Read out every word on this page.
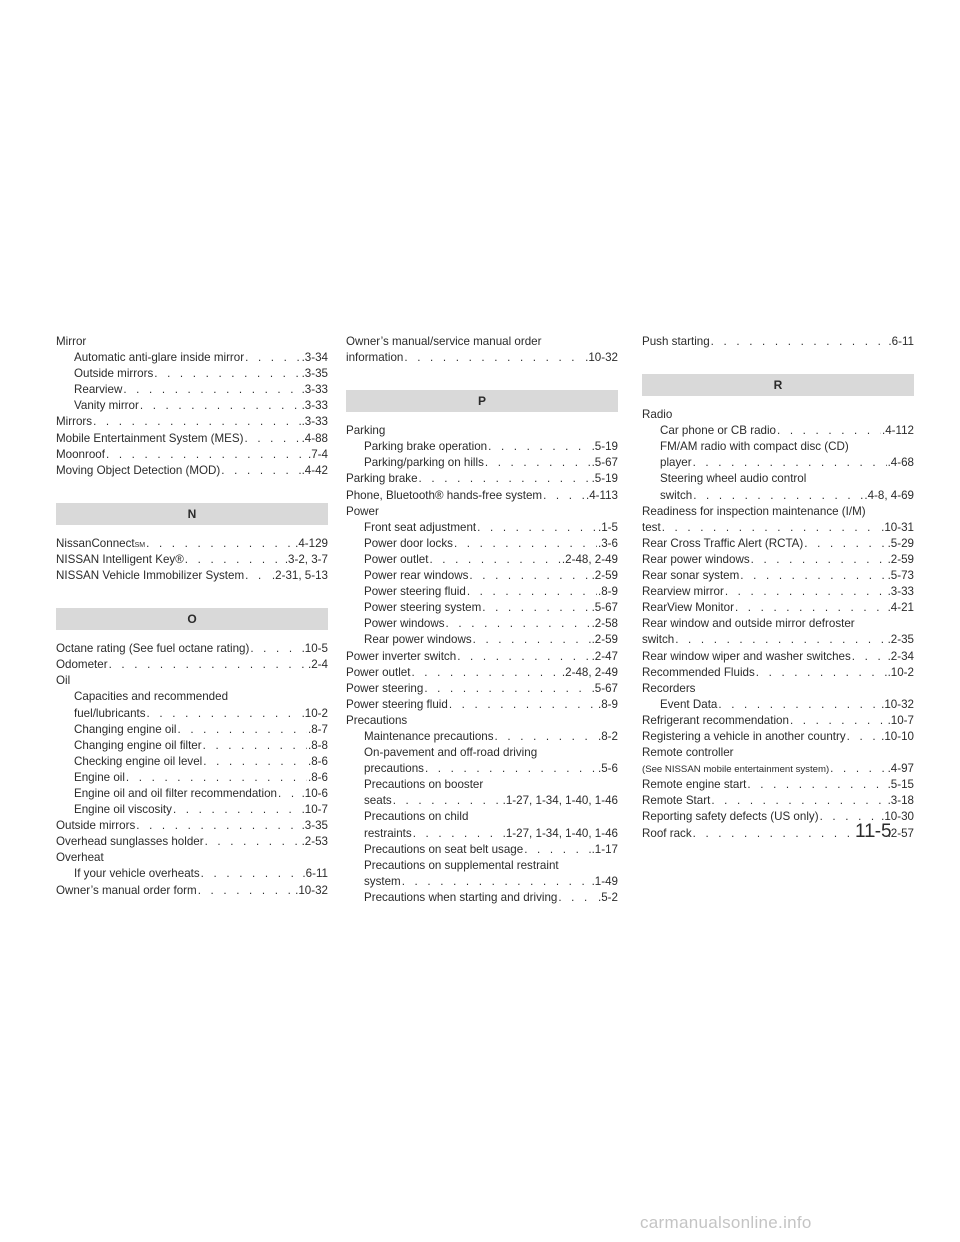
Mirror
Automatic anti-glare inside mirror . . .	.3-34
Outside mirrors . . .	.3-35
Rearview . . .	.3-33
Vanity mirror . . .	.3-33
Mirrors . . .	.3-33
Mobile Entertainment System (MES) . . .	.4-88
Moonroof . . .	.7-4
Moving Object Detection (MOD) . . .	.4-42
N
NissanConnect SM . . .	.4-129
NISSAN Intelligent Key® . . .	.3-2, 3-7
NISSAN Vehicle Immobilizer System . . . .2-31, 5-13
O
Octane rating (See fuel octane rating) . . .	.10-5
Odometer . . .	.2-4
Oil
Capacities and recommended
fuel/lubricants . . .	.10-2
Changing engine oil . . .	.8-7
Changing engine oil filter . . .	.8-8
Checking engine oil level . . .	.8-6
Engine oil . . .	.8-6
Engine oil and oil filter recommendation . . . .10-6
Engine oil viscosity . . .	.10-7
Outside mirrors . . .	.3-35
Overhead sunglasses holder . . .	.2-53
Overheat
If your vehicle overheats . . .	.6-11
Owner’s manual order form . . .	.10-32
Owner’s manual/service manual order
information . . .	.10-32
P
Parking
Parking brake operation . . .	.5-19
Parking/parking on hills . . .	.5-67
Parking brake . . .	.5-19
Phone, Bluetooth® hands-free system . . .	.4-113
Power
Front seat adjustment . . .	.1-5
Power door locks . . .	.3-6
Power outlet . . .	.2-48, 2-49
Power rear windows . . .	.2-59
Power steering fluid . . .	.8-9
Power steering system . . .	.5-67
Power windows . . .	.2-58
Rear power windows . . .	.2-59
Power inverter switch . . .	.2-47
Power outlet . . .	.2-48, 2-49
Power steering . . .	.5-67
Power steering fluid . . .	.8-9
Precautions
Maintenance precautions . . .	.8-2
On-pavement and off-road driving
precautions . . .	.5-6
Precautions on booster
seats . . .	.1-27, 1-34, 1-40, 1-46
Precautions on child
restraints . . .	.1-27, 1-34, 1-40, 1-46
Precautions on seat belt usage . . .	.1-17
Precautions on supplemental restraint
system . . .	.1-49
Precautions when starting and driving . . .	.5-2
Push starting . . .	.6-11
R
Radio
Car phone or CB radio . . .	.4-112
FM/AM radio with compact disc (CD)
player . . .	.4-68
Steering wheel audio control
switch . . .	.4-8, 4-69
Readiness for inspection maintenance (I/M)
test . . .	.10-31
Rear Cross Traffic Alert (RCTA) . . .	.5-29
Rear power windows . . .	.2-59
Rear sonar system . . .	.5-73
Rearview mirror . . .	.3-33
RearView Monitor . . .	.4-21
Rear window and outside mirror defroster
switch . . .	.2-35
Rear window wiper and washer switches . . .	.2-34
Recommended Fluids . . .	.10-2
Recorders
Event Data . . .	.10-32
Refrigerant recommendation . . .	.10-7
Registering a vehicle in another country . . .	.10-10
Remote controller
(See NISSAN mobile entertainment system) . . .	.4-97
Remote engine start . . .	.5-15
Remote Start . . .	.3-18
Reporting safety defects (US only) . . .	.10-30
Roof rack . . .	.2-57
11-5
carmanualsonline.info
